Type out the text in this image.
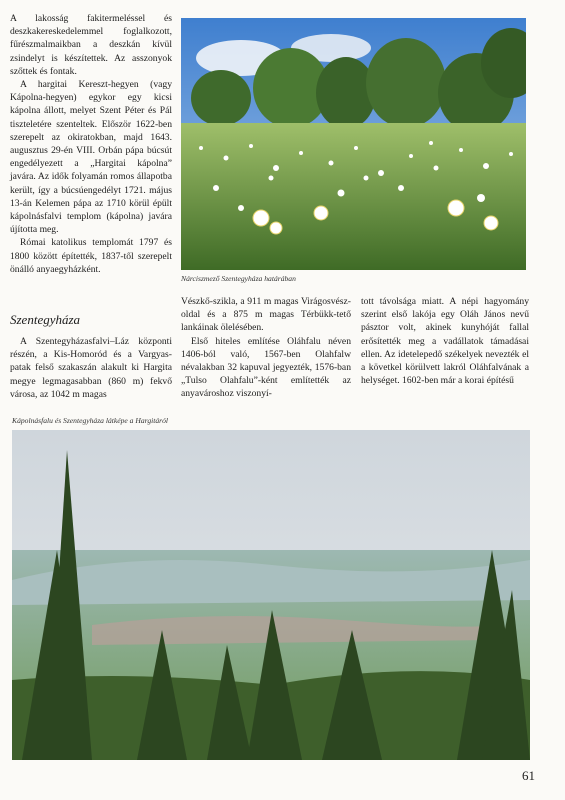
A lakosság fakitermeléssel és deszkakereskedelemmel foglalkozott, fűrészmalmaikban a deszkán kívül zsindelyt is készítettek. Az asszonyok szőttek és fontak.

A hargitai Kereszt-hegyen (vagy Kápolna-hegyen) egykor egy kicsi kápolna állott, melyet Szent Péter és Pál tiszteletére szenteltek. Először 1622-ben szerepelt az okiratokban, majd 1643. augusztus 29-én VIII. Orbán pápa búcsút engedélyezett a „Hargitai kápolna” javára. Az idők folyamán romos állapotba került, így a búcsúengedélyt 1721. május 13-án Kelemen pápa az 1710 körül épült kápolnásfalvi templom (kápolna) javára újította meg.

Római katolikus templomát 1797 és 1800 között építették, 1837-től szerepelt önálló anyaegyházként.

Szentegyháza

A Szentegyházasfalvi–Láz központi részén, a Kis-Homoród és a Vargyas-patak felső szakaszán alakult ki Hargita megye legmagasabban (860 m) fekvő városa, az 1042 m magas

Nárciszmező Szentegyháza határában

Vészkő-szikla, a 911 m magas Virágosvész-oldal és a 875 m magas Térbükk-tető lankáinak ölelésében.

Első hiteles említése Oláhfalu néven 1406-ból való, 1567-ben Olahfalw névalakban 32 kapuval jegyezték, 1576-ban „Tulso Olahfalu”-ként említették az anyavároshoz viszonyí-

tott távolsága miatt. A népi hagyomány szerint első lakója egy Oláh János nevű pásztor volt, akinek kunyhóját fallal erősítették meg a vadállatok támadásai ellen. Az idetelepedő székelyek nevezték el a követkel körülvett lakról Oláhfalvának a helységet. 1602-ben már a korai építésű

Kápolnásfalu és Szentegyháza látképe a Hargitáról
61
